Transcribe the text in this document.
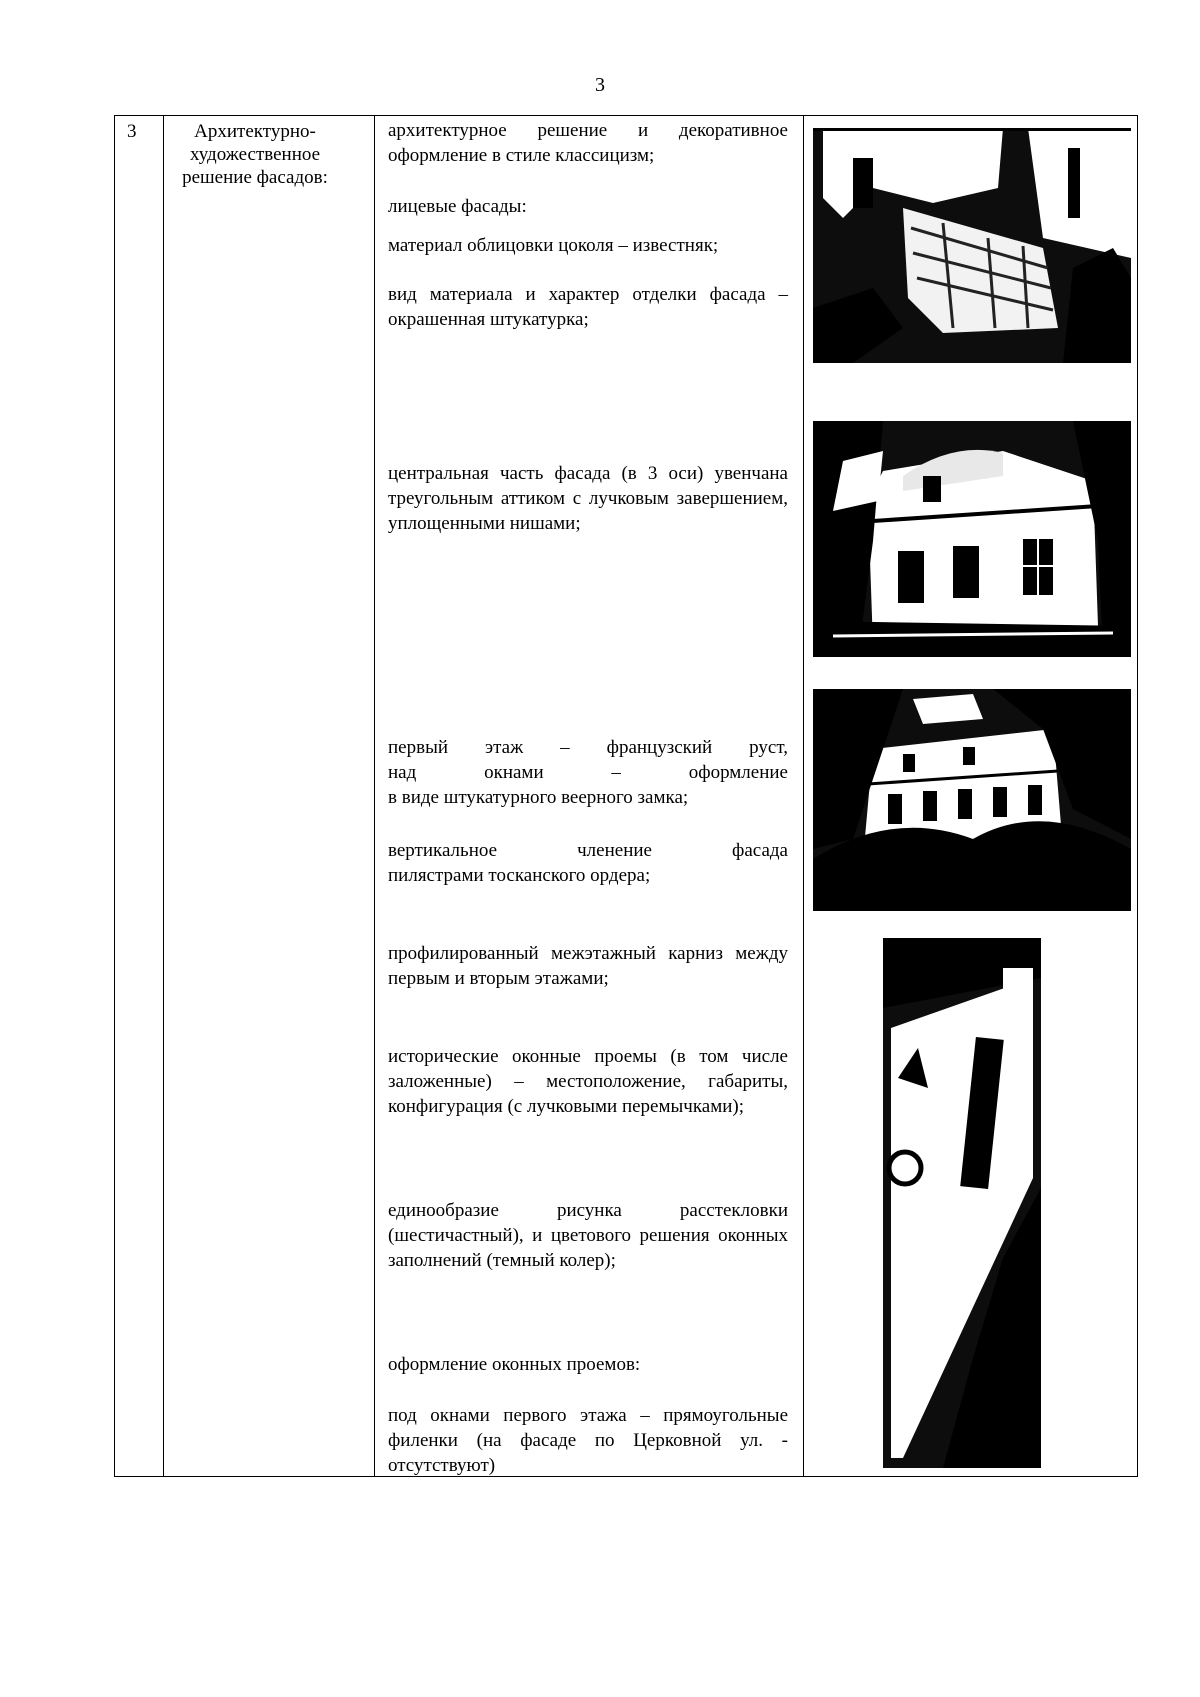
3
3	Архитектурно-художественное решение фасадов:
архитектурное решение и декоративное оформление в стиле классицизм;
лицевые фасады:
материал облицовки цоколя – известняк;
вид материала и характер отделки фасада – окрашенная штукатурка;
центральная часть фасада (в 3 оси) увенчана треугольным аттиком с лучковым завершением, уплощенными нишами;

первый этаж – французский руст,

над окнами – оформление

в виде штукатурного веерного замка;

вертикальное членение фасада

пилястрами тосканского ордера;

профилированный межэтажный карниз между первым и вторым этажами;
исторические оконные проемы (в том числе заложенные) – местоположение, габариты, конфигурация (с лучковыми перемычками);
единообразие рисунка расстекловки (шестичастный), и цветового решения оконных заполнений (темный колер);
оформление оконных проемов:
под окнами первого этажа – прямоугольные филенки (на фасаде по Церковной ул. - отсутствуют)
